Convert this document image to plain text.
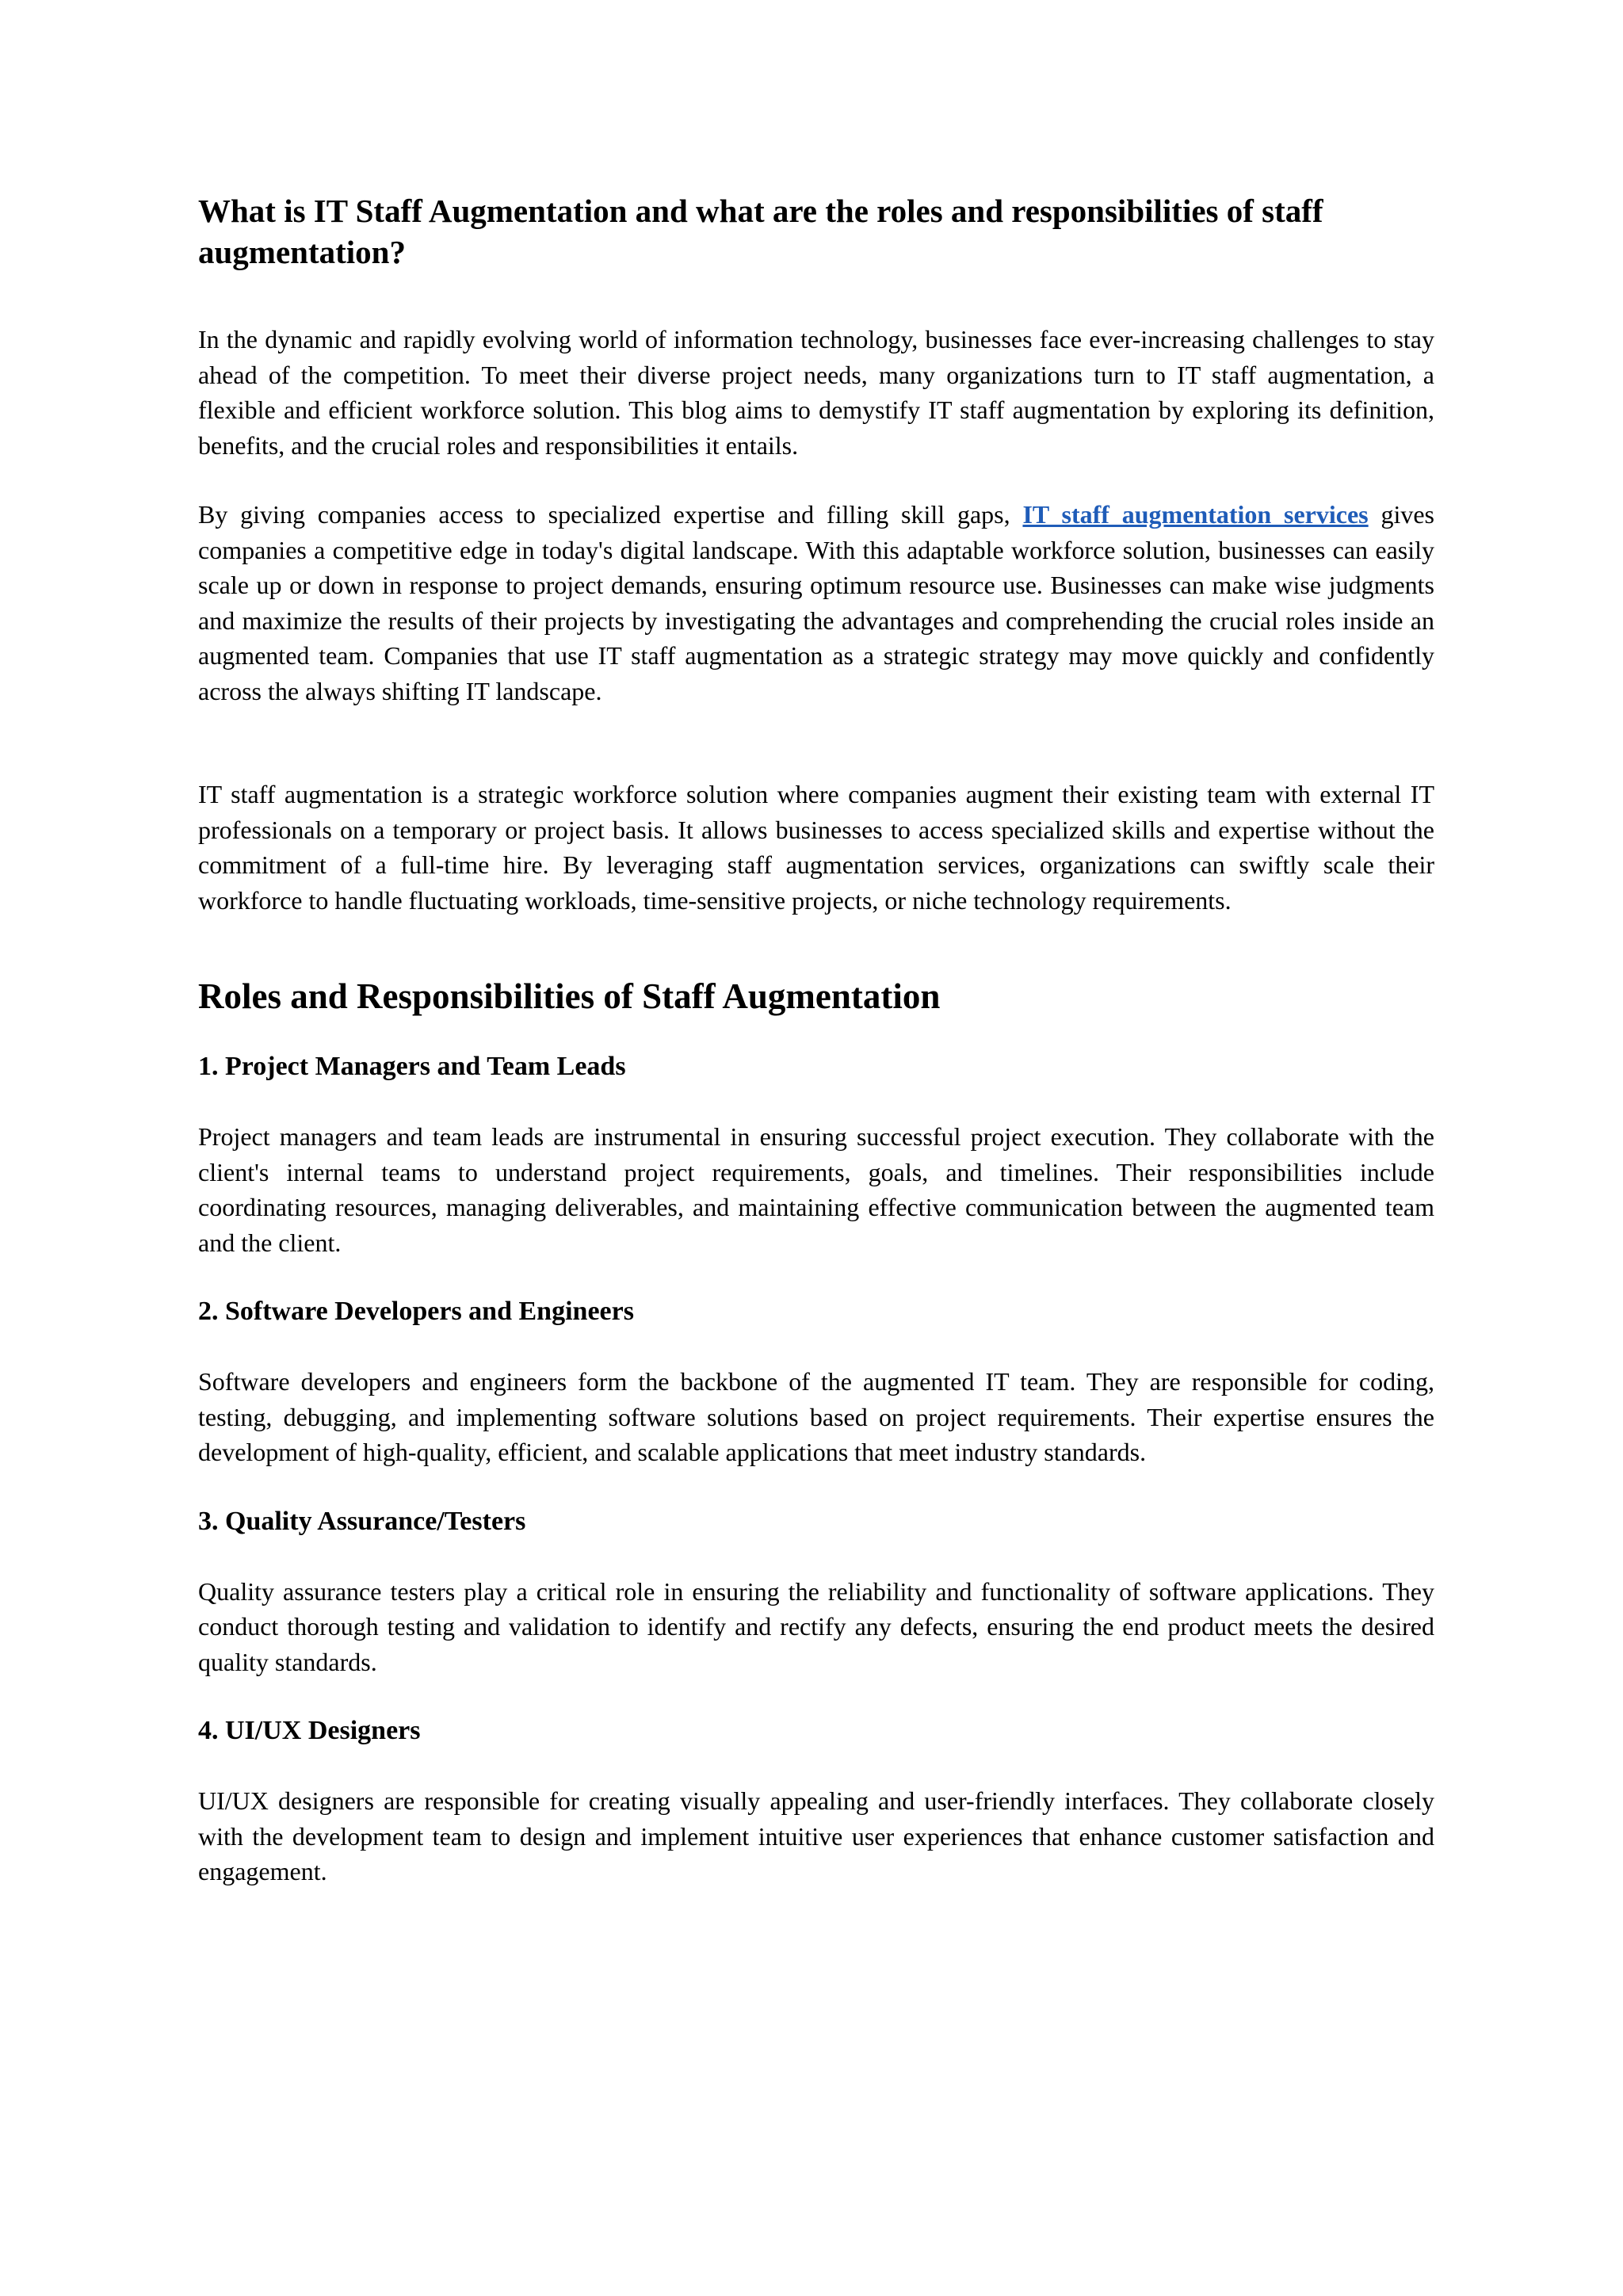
What is IT Staff Augmentation and what are the roles and responsibilities of staff augmentation?

In the dynamic and rapidly evolving world of information technology, businesses face ever-increasing challenges to stay ahead of the competition. To meet their diverse project needs, many organizations turn to IT staff augmentation, a flexible and efficient workforce solution. This blog aims to demystify IT staff augmentation by exploring its definition, benefits, and the crucial roles and responsibilities it entails.

By giving companies access to specialized expertise and filling skill gaps, IT staff augmentation services gives companies a competitive edge in today's digital landscape. With this adaptable workforce solution, businesses can easily scale up or down in response to project demands, ensuring optimum resource use. Businesses can make wise judgments and maximize the results of their projects by investigating the advantages and comprehending the crucial roles inside an augmented team. Companies that use IT staff augmentation as a strategic strategy may move quickly and confidently across the always shifting IT landscape.

IT staff augmentation is a strategic workforce solution where companies augment their existing team with external IT professionals on a temporary or project basis. It allows businesses to access specialized skills and expertise without the commitment of a full-time hire. By leveraging staff augmentation services, organizations can swiftly scale their workforce to handle fluctuating workloads, time-sensitive projects, or niche technology requirements.

Roles and Responsibilities of Staff Augmentation
1. Project Managers and Team Leads

Project managers and team leads are instrumental in ensuring successful project execution. They collaborate with the client's internal teams to understand project requirements, goals, and timelines. Their responsibilities include coordinating resources, managing deliverables, and maintaining effective communication between the augmented team and the client.

2. Software Developers and Engineers

Software developers and engineers form the backbone of the augmented IT team. They are responsible for coding, testing, debugging, and implementing software solutions based on project requirements. Their expertise ensures the development of high-quality, efficient, and scalable applications that meet industry standards.

3. Quality Assurance/Testers

Quality assurance testers play a critical role in ensuring the reliability and functionality of software applications. They conduct thorough testing and validation to identify and rectify any defects, ensuring the end product meets the desired quality standards.

4. UI/UX Designers

UI/UX designers are responsible for creating visually appealing and user-friendly interfaces. They collaborate closely with the development team to design and implement intuitive user experiences that enhance customer satisfaction and engagement.
